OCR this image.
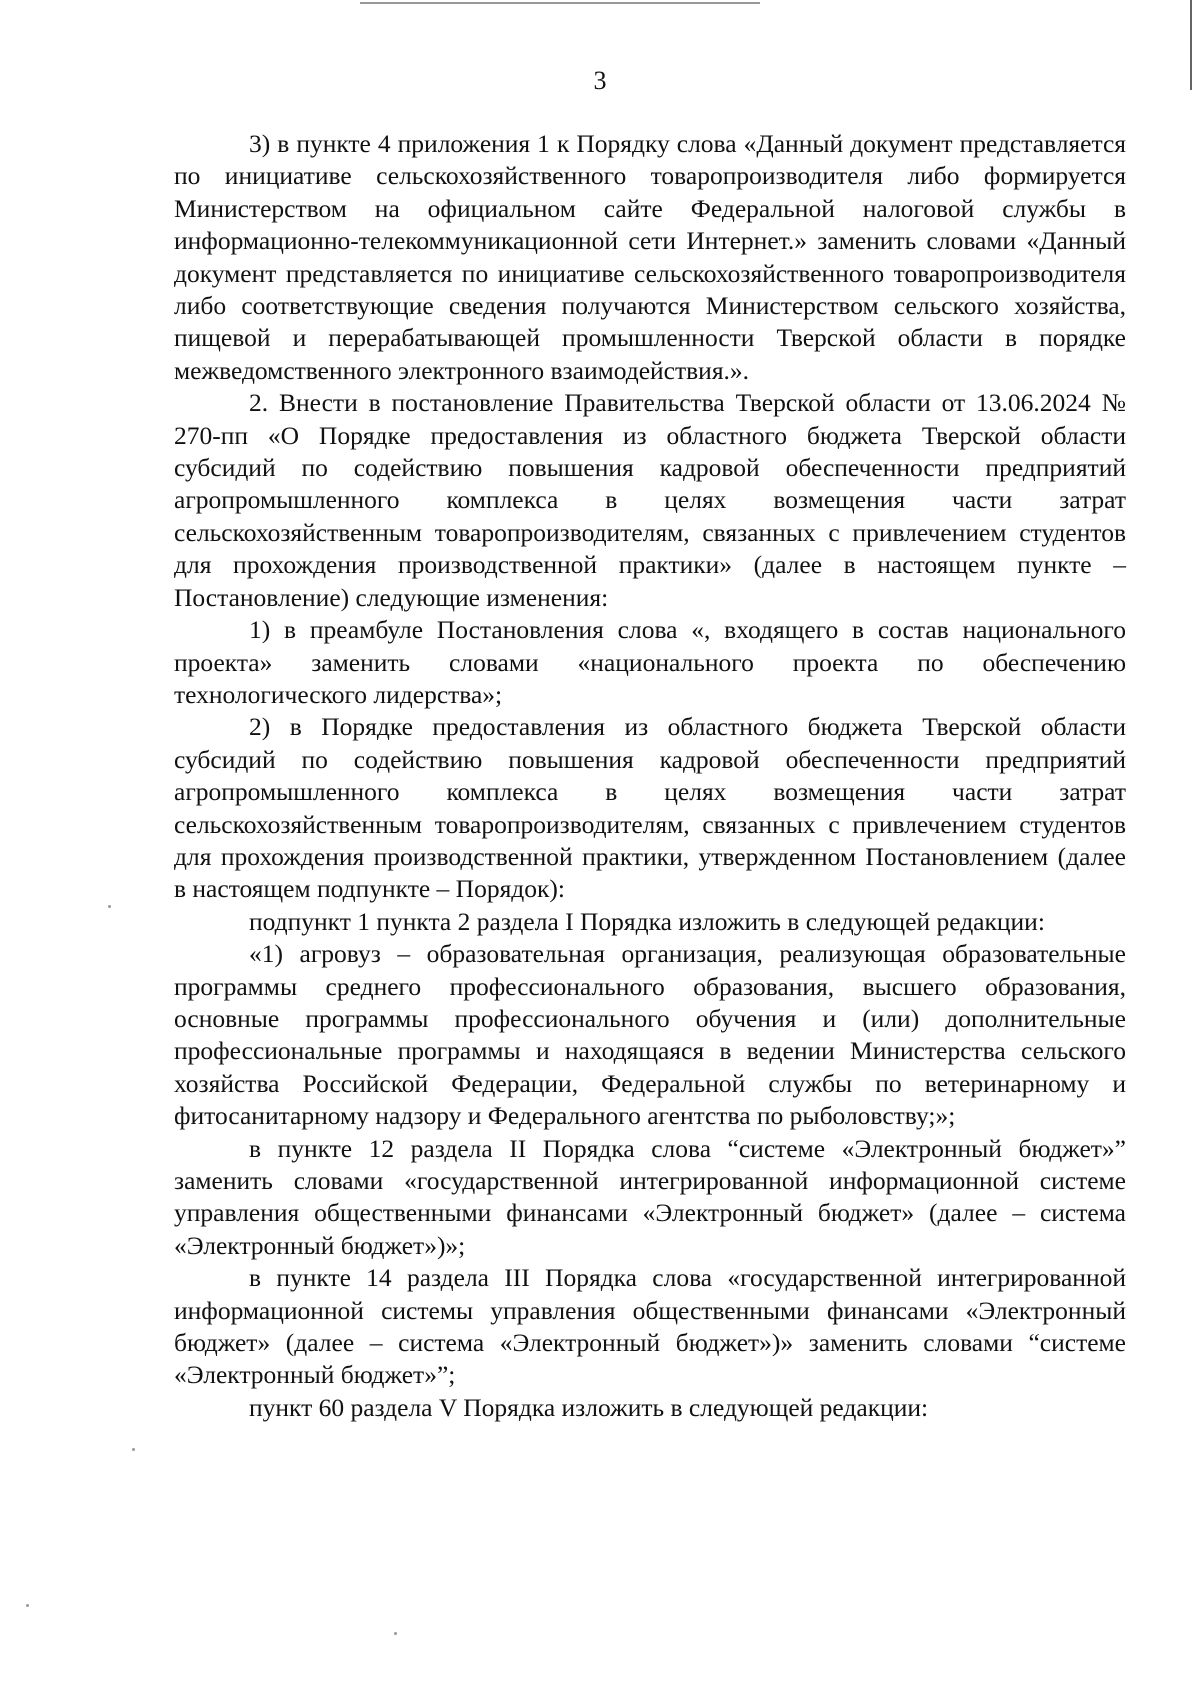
3

3) в пункте 4 приложения 1 к Порядку слова «Данный документ представляется по инициативе сельскохозяйственного товаропроизводителя либо формируется Министерством на официальном сайте Федеральной налоговой службы в информационно-телекоммуникационной сети Интернет.» заменить словами «Данный документ представляется по инициативе сельскохозяйственного товаропроизводителя либо соответствующие сведения получаются Министерством сельского хозяйства, пищевой и перерабатывающей промышленности Тверской области в порядке межведомственного электронного взаимодействия.».

2. Внести в постановление Правительства Тверской области от 13.06.2024 № 270-пп «О Порядке предоставления из областного бюджета Тверской области субсидий по содействию повышения кадровой обеспеченности предприятий агропромышленного комплекса в целях возмещения части затрат сельскохозяйственным товаропроизводителям, связанных с привлечением студентов для прохождения производственной практики» (далее в настоящем пункте – Постановление) следующие изменения:

1) в преамбуле Постановления слова «, входящего в состав национального проекта» заменить словами «национального проекта по обеспечению технологического лидерства»;

2) в Порядке предоставления из областного бюджета Тверской области субсидий по содействию повышения кадровой обеспеченности предприятий агропромышленного комплекса в целях возмещения части затрат сельскохозяйственным товаропроизводителям, связанных с привлечением студентов для прохождения производственной практики, утвержденном Постановлением (далее в настоящем подпункте – Порядок):

подпункт 1 пункта 2 раздела I Порядка изложить в следующей редакции:

«1) агровуз – образовательная организация, реализующая образовательные программы среднего профессионального образования, высшего образования, основные программы профессионального обучения и (или) дополнительные профессиональные программы и находящаяся в ведении Министерства сельского хозяйства Российской Федерации, Федеральной службы по ветеринарному и фитосанитарному надзору и Федерального агентства по рыболовству;»;

в пункте 12 раздела II Порядка слова “системе «Электронный бюджет»” заменить словами «государственной интегрированной информационной системе управления общественными финансами «Электронный бюджет» (далее – система «Электронный бюджет»)»;

в пункте 14 раздела III Порядка слова «государственной интегрированной информационной системы управления общественными финансами «Электронный бюджет» (далее – система «Электронный бюджет»)» заменить словами “системе «Электронный бюджет»”;

пункт 60 раздела V Порядка изложить в следующей редакции:
